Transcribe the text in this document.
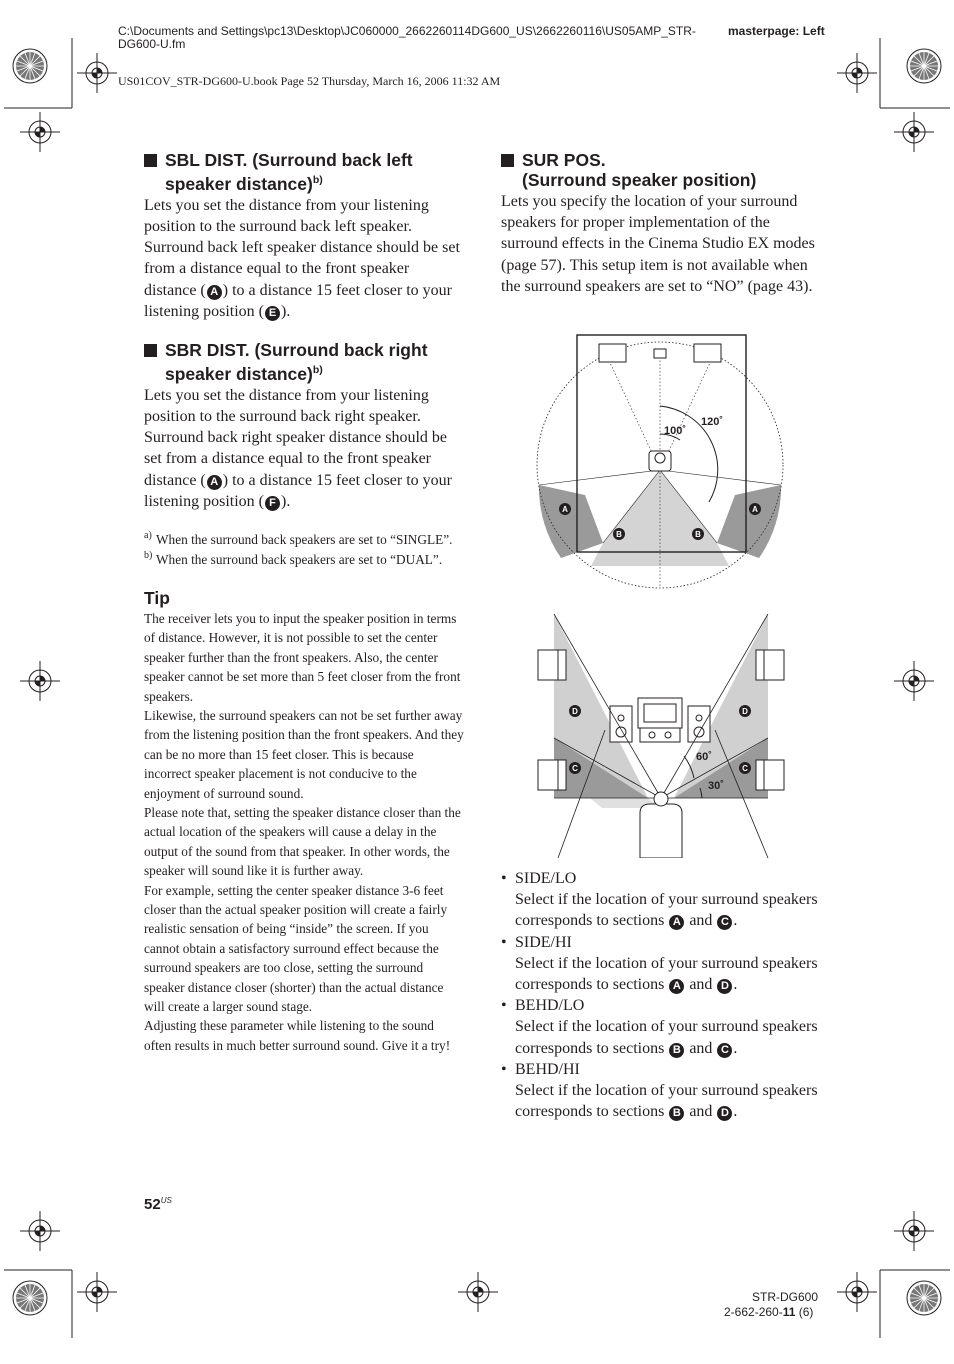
C:\Documents and Settings\pc13\Desktop\JC060000_2662260114DG600_US\2662260116\US05AMP_STR-DG600-U.fm
masterpage: Left
US01COV_STR-DG600-U.book Page 52 Thursday, March 16, 2006 11:32 AM
SBL DIST. (Surround back left
speaker distance)$^{b)}$
Lets you set the distance from your listening position to the surround back left speaker. Surround back left speaker distance should be set from a distance equal to the front speaker distance ( A ) to a distance 15 feet closer to your listening position ( E ).
SBR DIST. (Surround back right
speaker distance)$^{b)}$
Lets you set the distance from your listening position to the surround back right speaker. Surround back right speaker distance should be set from a distance equal to the front speaker distance ( A ) to a distance 15 feet closer to your listening position ( F ).
a) When the surround back speakers are set to “SINGLE”.
b) When the surround back speakers are set to “DUAL”.
Tip
The receiver lets you to input the speaker position in terms of distance. However, it is not possible to set the center speaker further than the front speakers. Also, the center speaker cannot be set more than 5 feet closer from the front speakers.
Likewise, the surround speakers can not be set further away from the listening position than the front speakers. And they can be no more than 15 feet closer. This is because incorrect speaker placement is not conducive to the enjoyment of surround sound.
Please note that, setting the speaker distance closer than the actual location of the speakers will cause a delay in the output of the sound from that speaker. In other words, the speaker will sound like it is further away.
For example, setting the center speaker distance 3-6 feet closer than the actual speaker position will create a fairly realistic sensation of being “inside” the screen. If you cannot obtain a satisfactory surround effect because the surround speakers are too close, setting the surround speaker distance closer (shorter) than the actual distance will create a larger sound stage.
Adjusting these parameter while listening to the sound often results in much better surround sound. Give it a try!
SUR POS.
(Surround speaker position)
Lets you specify the location of your surround speakers for proper implementation of the surround effects in the Cinema Studio EX modes (page 57). This setup item is not available when the surround speakers are set to “NO” (page 43).
100˚
120˚
A	A
B	B
60˚
30˚
D	D
C	C
• SIDE/LO
Select if the location of your surround speakers corresponds to sections A and C .
• SIDE/HI
Select if the location of your surround speakers corresponds to sections A and D .
• BEHD/LO
Select if the location of your surround speakers corresponds to sections B and C .
• BEHD/HI
Select if the location of your surround speakers corresponds to sections B and D .
$52^{US}$
STR-DG600
2-662-260-11 (6)
